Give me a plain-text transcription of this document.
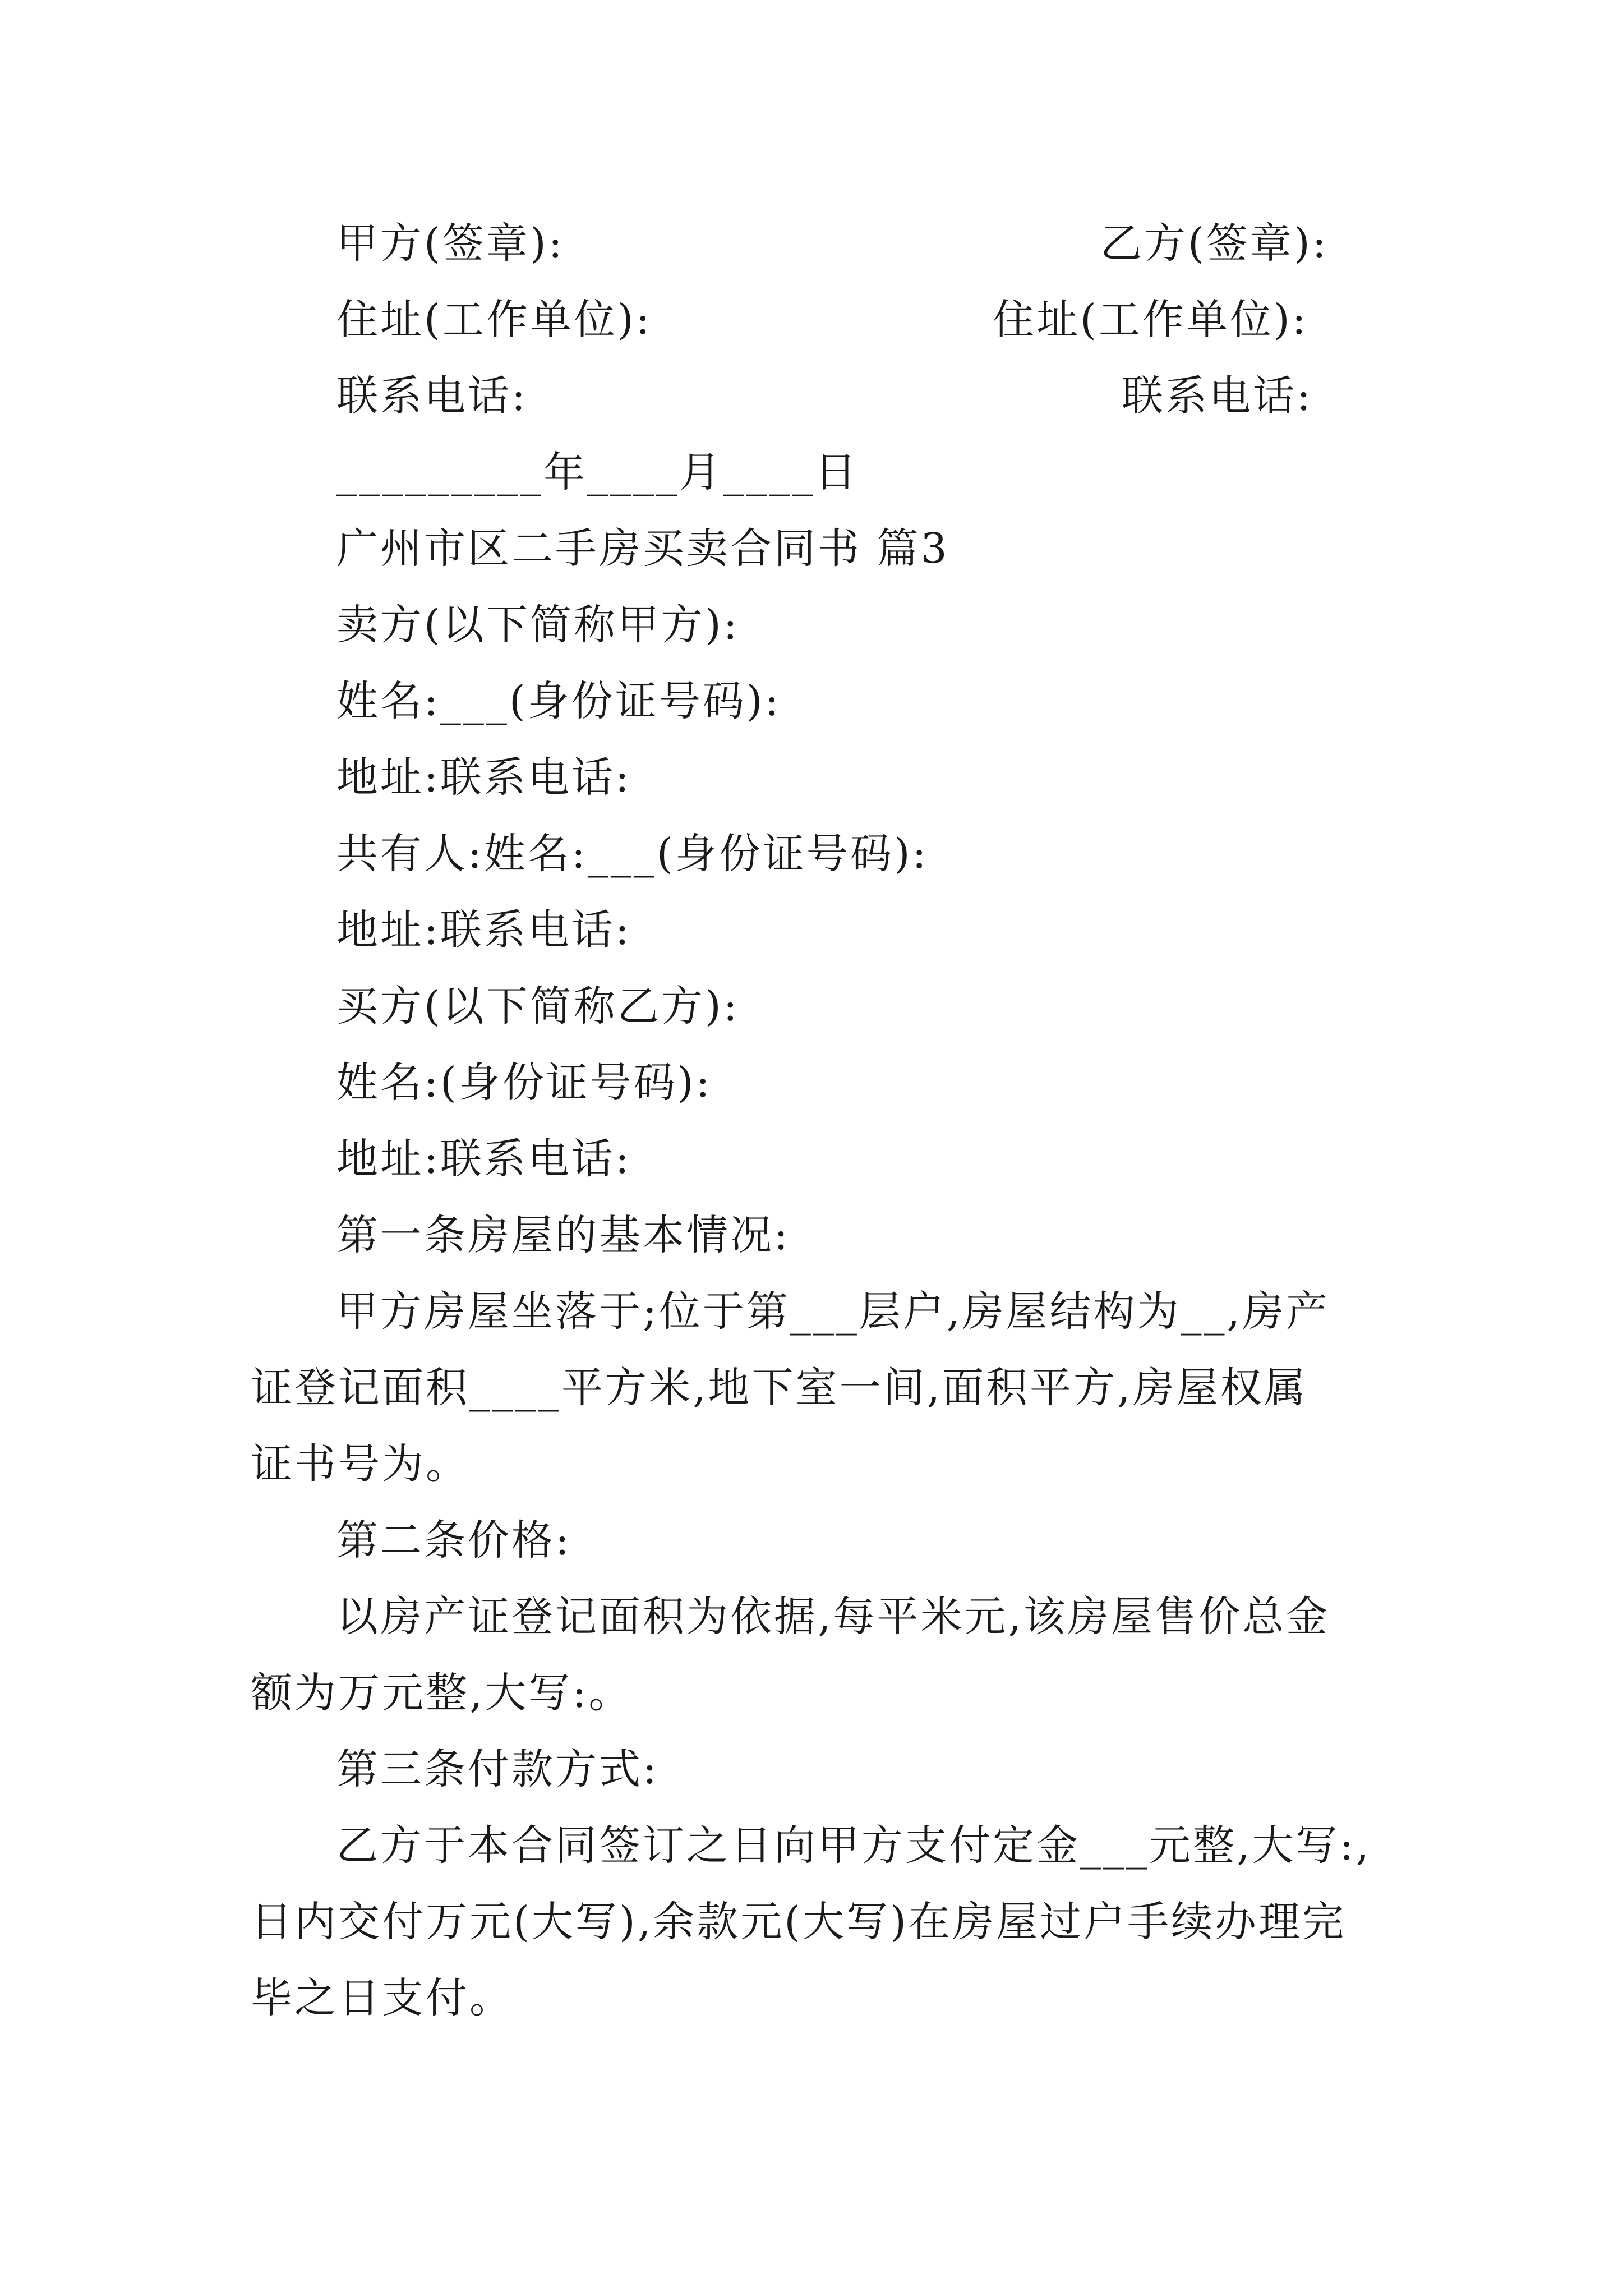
甲方(签章):	乙方(签章):
住址(工作单位):	住址(工作单位):
联系电话:	联系电话:
_________年____月____日
广州市区二手房买卖合同书 篇3
卖方(以下简称甲方):
姓名:___(身份证号码):
地址:联系电话:
共有人:姓名:___(身份证号码):
地址:联系电话:
买方(以下简称乙方):
姓名:(身份证号码):
地址:联系电话:
第一条房屋的基本情况:
甲方房屋坐落于;位于第___层户,房屋结构为__,房产
证登记面积____平方米,地下室一间,面积平方,房屋权属
证书号为。
第二条价格:
以房产证登记面积为依据,每平米元,该房屋售价总金
额为万元整,大写:。
第三条付款方式:
乙方于本合同签订之日向甲方支付定金___元整,大写:,
日内交付万元(大写),余款元(大写)在房屋过户手续办理完
毕之日支付。
